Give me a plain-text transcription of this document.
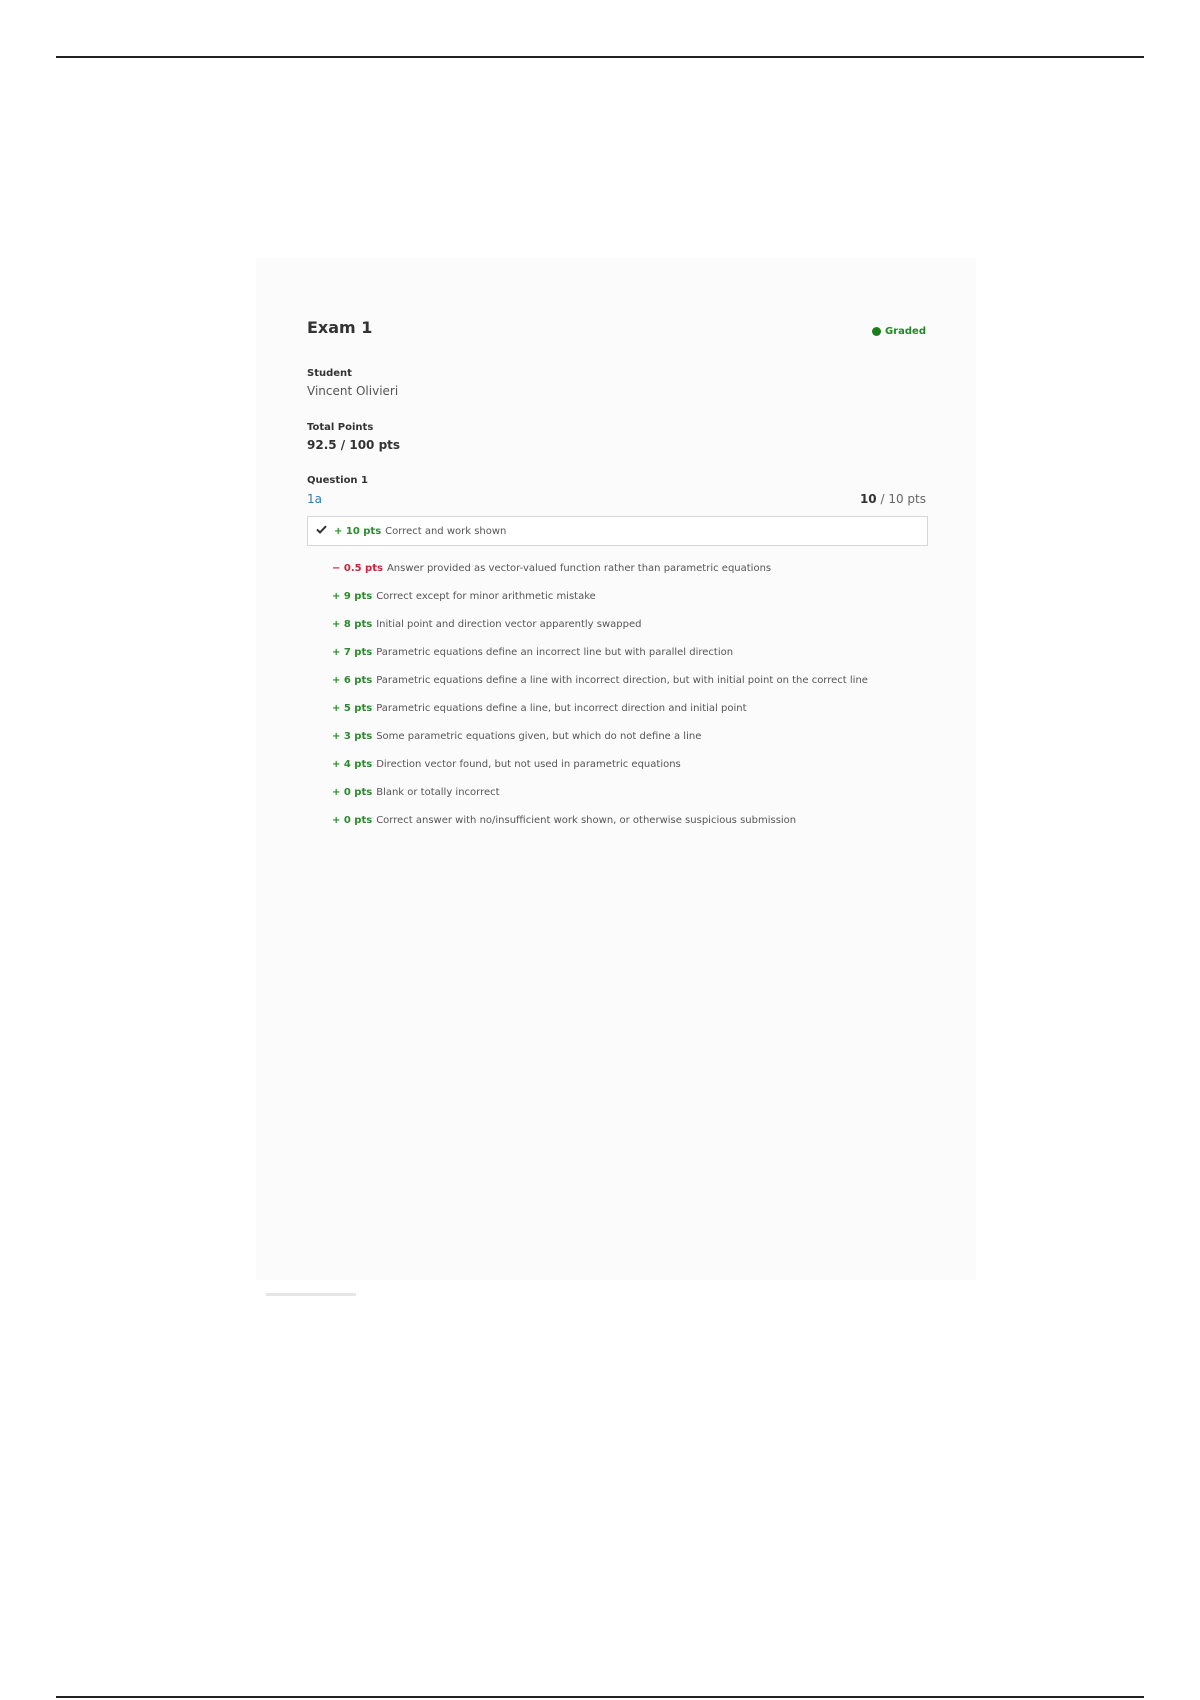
Exam 1	Graded
Student
Vincent Olivieri
Total Points
92.5 / 100 pts
Question 1
1a	10 / 10 pts
+ 10 pts Correct and work shown
− 0.5 pts Answer provided as vector-valued function rather than parametric equations
+ 9 pts Correct except for minor arithmetic mistake
+ 8 pts Initial point and direction vector apparently swapped
+ 7 pts Parametric equations define an incorrect line but with parallel direction
+ 6 pts Parametric equations define a line with incorrect direction, but with initial point on the correct line
+ 5 pts Parametric equations define a line, but incorrect direction and initial point
+ 3 pts Some parametric equations given, but which do not define a line
+ 4 pts Direction vector found, but not used in parametric equations
+ 0 pts Blank or totally incorrect
+ 0 pts Correct answer with no/insufficient work shown, or otherwise suspicious submission
